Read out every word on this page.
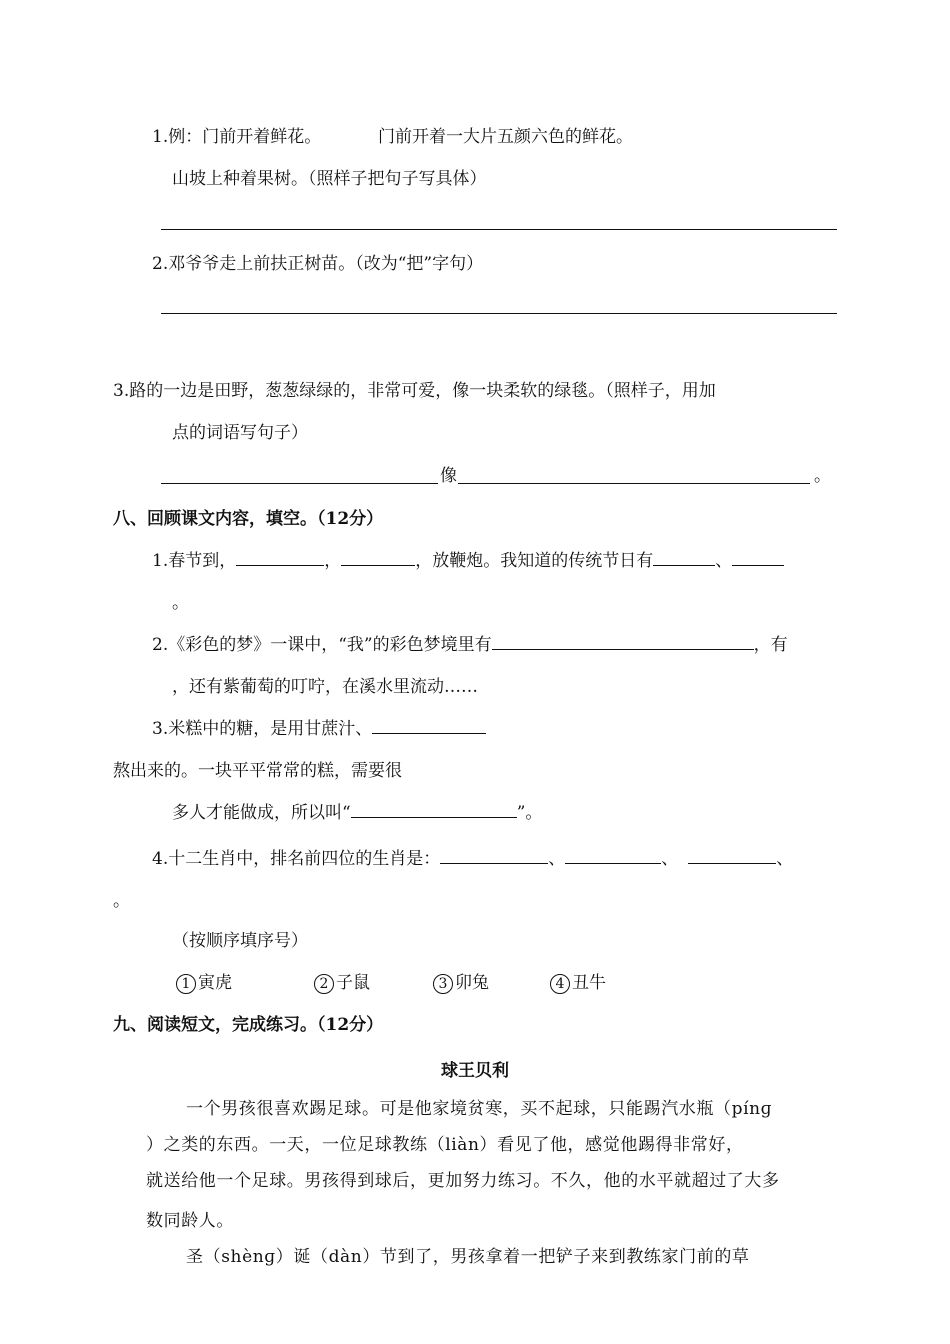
1.例：门前开着鲜花。	门前开着一大片五颜六色的鲜花。
山坡上种着果树。（照样子把句子写具体）
2.邓爷爷走上前扶正树苗。（改为“把”字句）
3.路的一边是田野，葱葱绿绿的，非常可爱，像一块柔软的绿毯。（照样子，用加
点的词语写句子）
像	。
八、回顾课文内容，填空。（12分）
1.春节到，	，	，放鞭炮。我知道的传统节日有	、
。
2.《彩色的梦》一课中，“我”的彩色梦境里有	，有
，还有紫葡萄的叮咛，在溪水里流动……
3.米糕中的糖，是用甘蔗汁、
熬出来的。一块平平常常的糕，需要很
多人才能做成，所以叫“	”。
4.十二生肖中，排名前四位的生肖是：	、	、	、
。
（按顺序填序号）
1 寅虎	2 子鼠	3 卯兔	4 丑牛
九、阅读短文，完成练习。（12分）
球王贝利
一个男孩很喜欢踢足球。可是他家境贫寒，买不起球，只能踢汽水瓶（pínɡ
）之类的东西。一天，一位足球教练（liàn）看见了他，感觉他踢得非常好，
就送给他一个足球。男孩得到球后，更加努力练习。不久，他的水平就超过了大多
数同龄人。
圣（shènɡ）诞（dàn）节到了，男孩拿着一把铲子来到教练家门前的草
